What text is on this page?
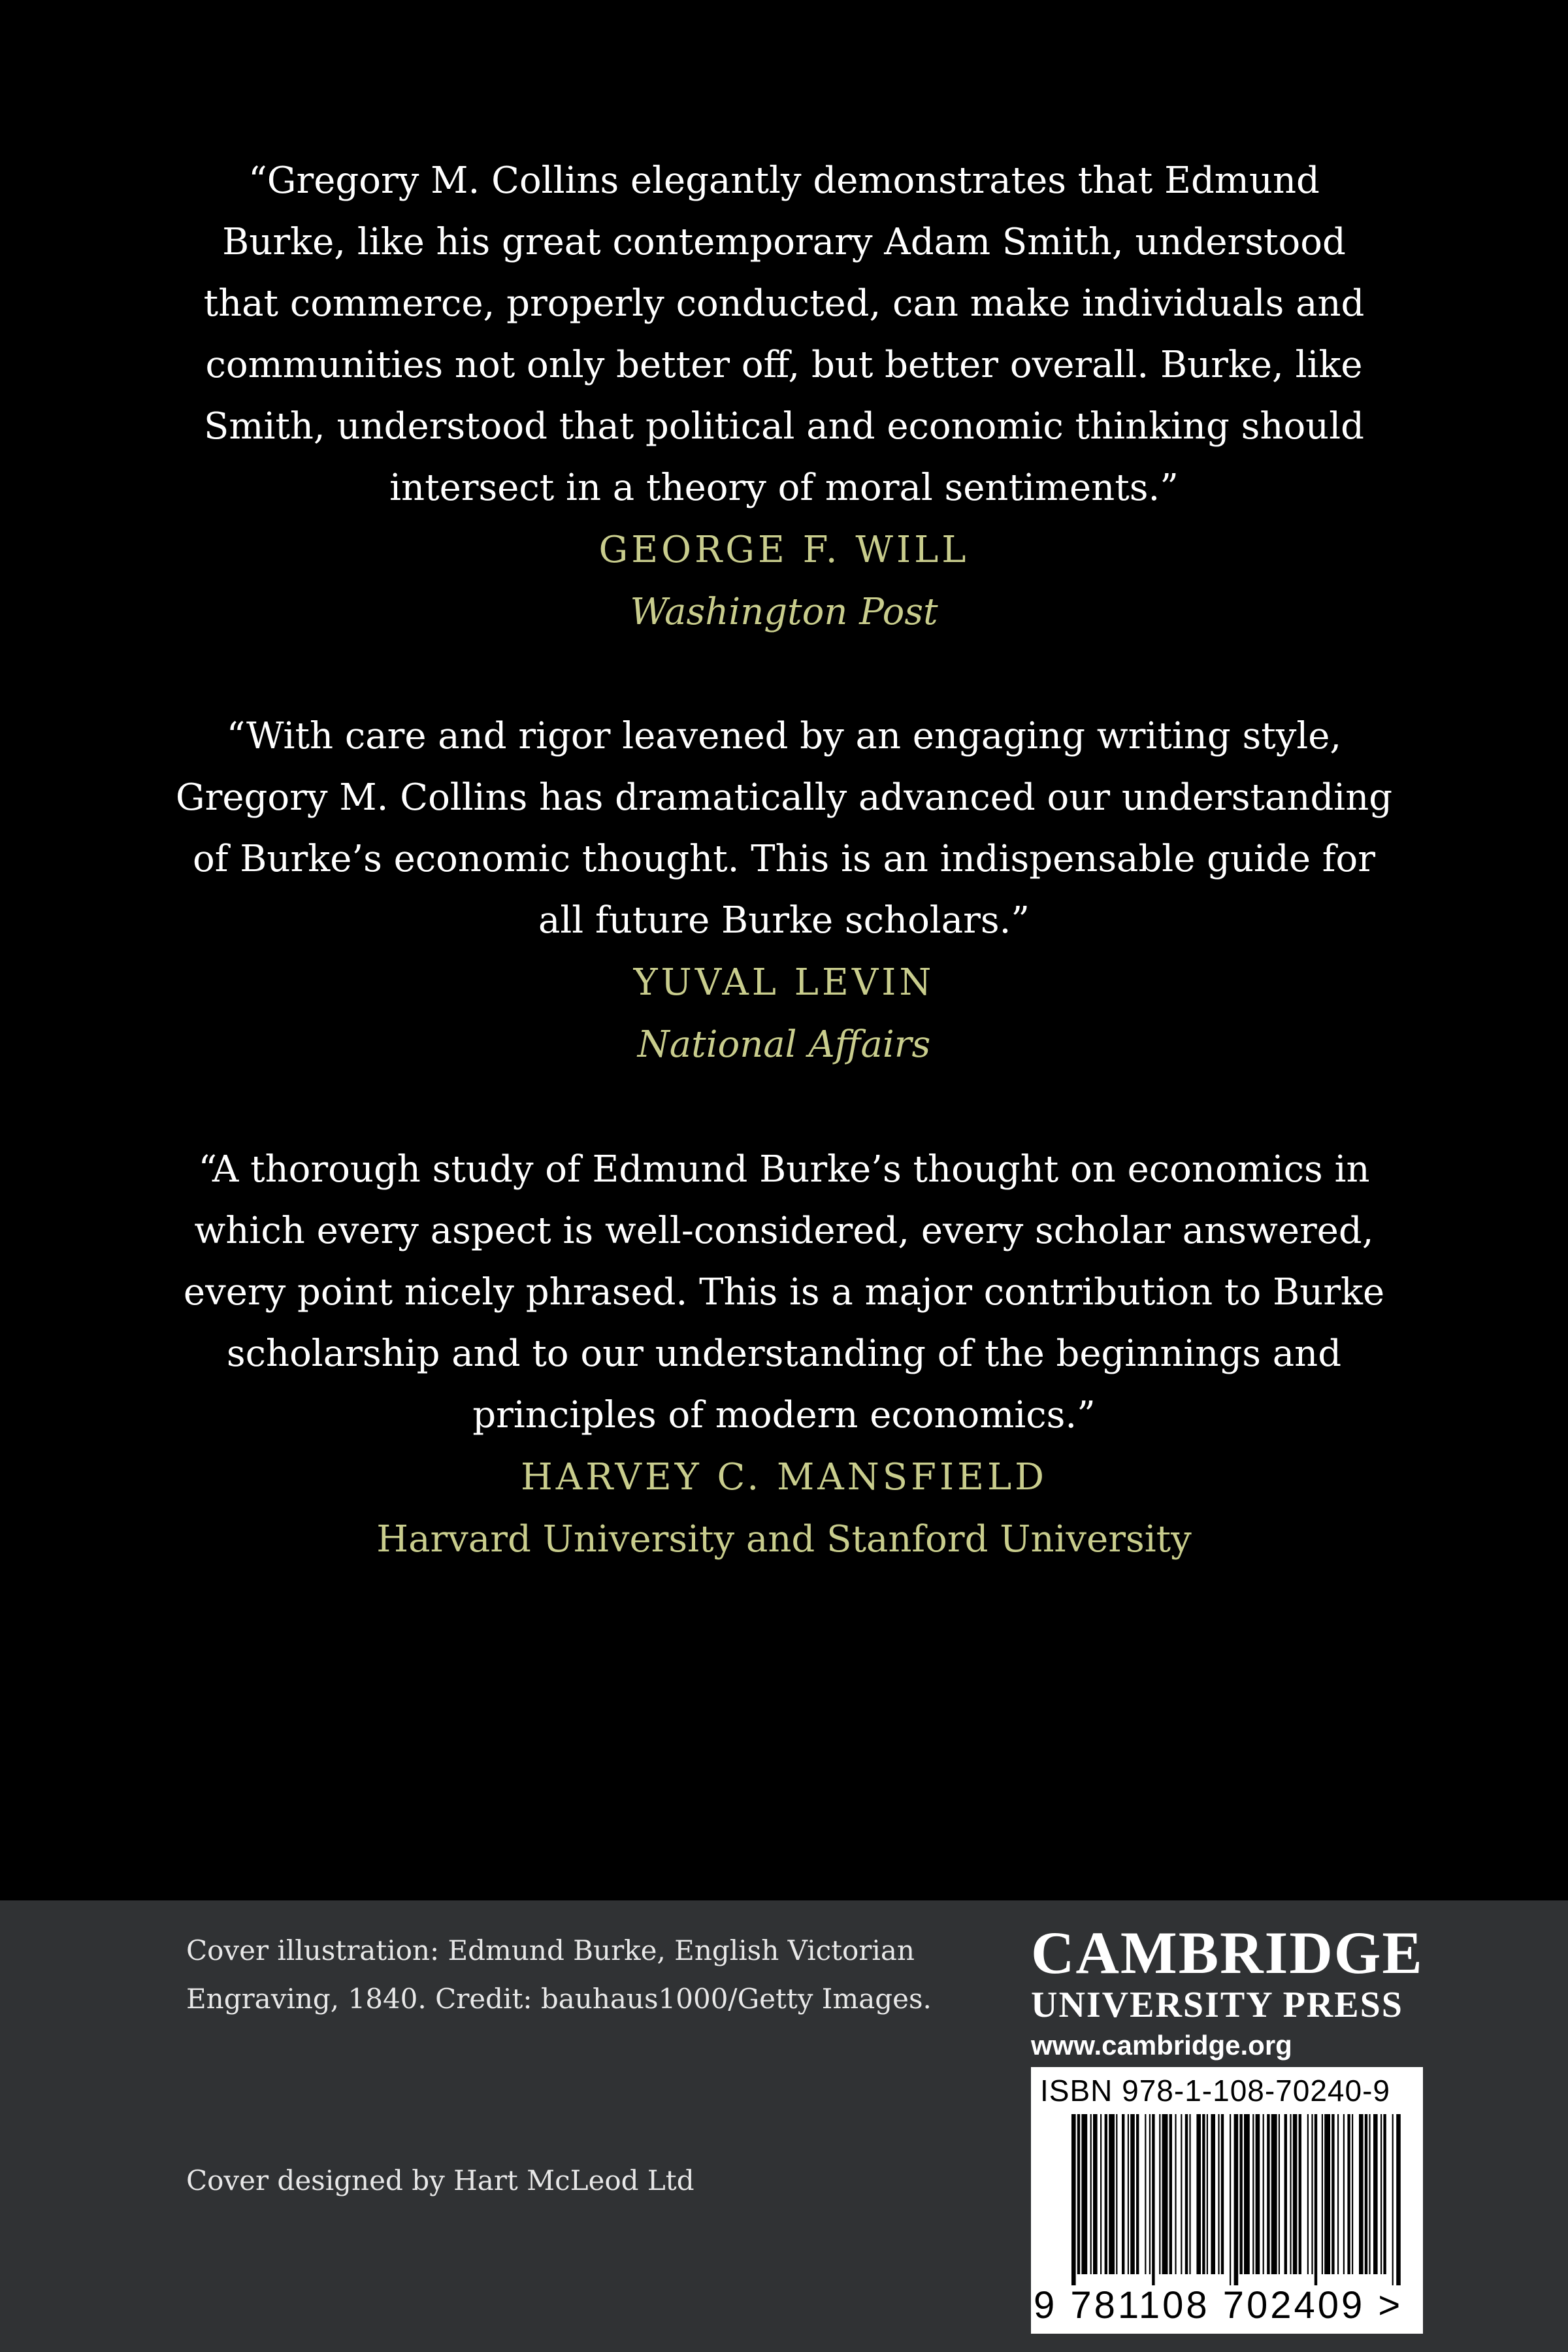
“Gregory M. Collins elegantly demonstrates that Edmund
Burke, like his great contemporary Adam Smith, understood
that commerce, properly conducted, can make individuals and
communities not only better off, but better overall. Burke, like
Smith, understood that political and economic thinking should
intersect in a theory of moral sentiments.”

GEORGE F. WILL

Washington Post

“With care and rigor leavened by an engaging writing style,
Gregory M. Collins has dramatically advanced our understanding
of Burke’s economic thought. This is an indispensable guide for
all future Burke scholars.”

YUVAL LEVIN

National Affairs

“A thorough study of Edmund Burke’s thought on economics in
which every aspect is well-considered, every scholar answered,
every point nicely phrased. This is a major contribution to Burke
scholarship and to our understanding of the beginnings and
principles of modern economics.”

HARVEY C. MANSFIELD

Harvard University and Stanford University

Cover illustration: Edmund Burke, English Victorian
Engraving, 1840. Credit: bauhaus1000/Getty Images.
Cover designed by Hart McLeod Ltd

CAMBRIDGE

UNIVERSITY PRESS

www.cambridge.org

ISBN 978-1-108-70240-9
9 781108 702409 >
